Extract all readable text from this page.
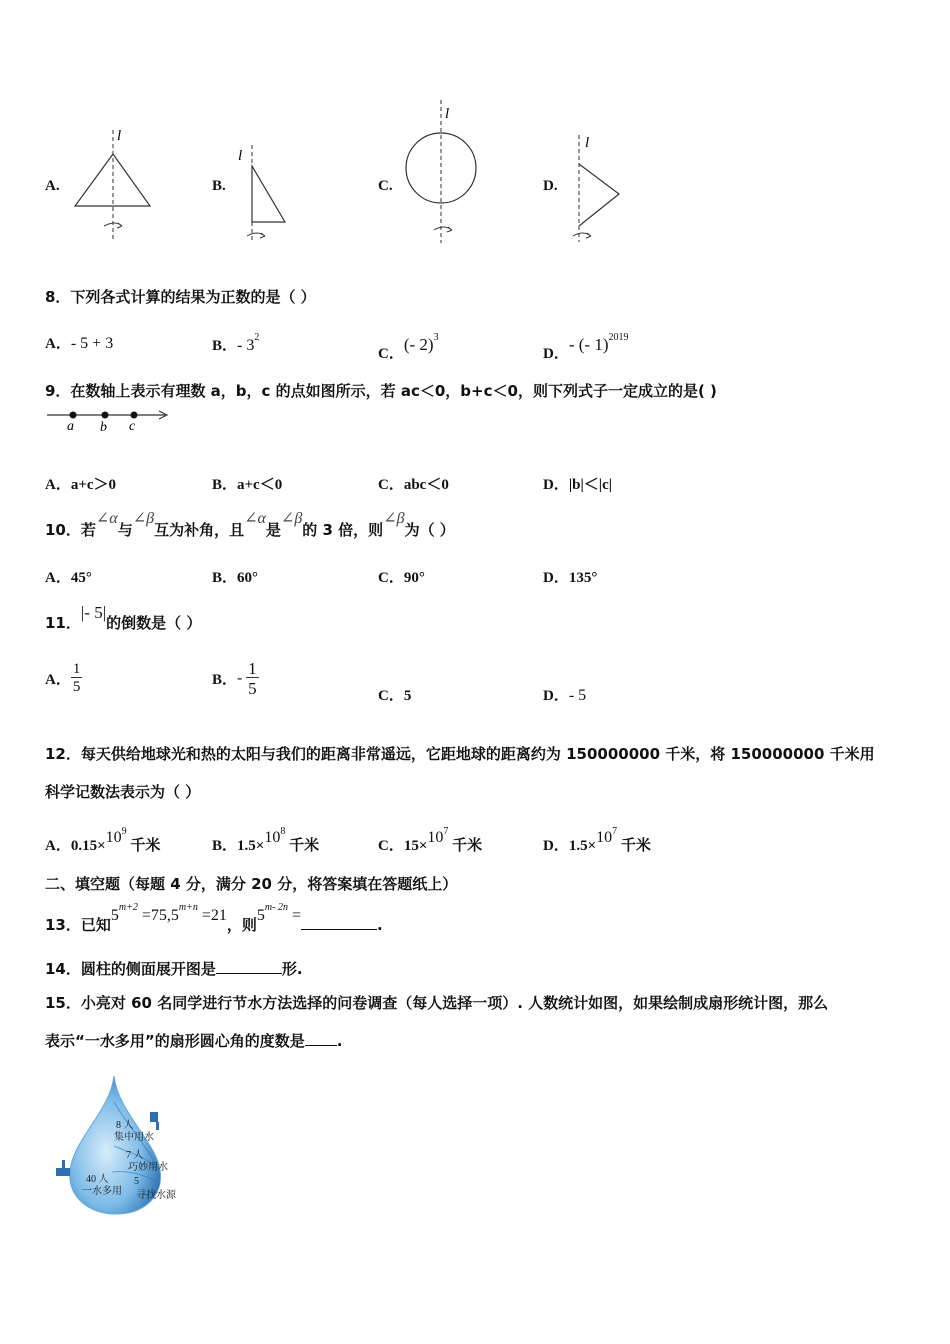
A.
l
B.
l
C.
l
D.
l
8．下列各式计算的结果为正数的是（ ）
A．- 5 + 3	B．- $3^2$
C．(- 2)$^3$
D．- (- 1)$^{2019}$
9．在数轴上表示有理数 a，b，c 的点如图所示，若 ac＜0，b+c＜0，则下列式子一定成立的是( )
a b c
A．a+c＞0	B．a+c＜0	C．abc＜0	D．|b|＜|c|
10．若∠α与∠β互为补角，且∠α是∠β的 3 倍，则∠β为（ ）
A．45°	B．60°	C．90°	D．135°
11．|- 5|的倒数是（ ）
A． $\frac{1}{5}$	B．- $\frac{1}{5}$	C．5	D．- 5
12．每天供给地球光和热的太阳与我们的距离非常遥远，它距地球的距离约为 150000000 千米，将 150000000 千米用
科学记数法表示为（ ）
A．$0.15\times 10^9$ 千米	B．$1.5\times 10^8$ 千米	C．$15\times 10^7$ 千米	D．$1.5\times 10^7$ 千米
二、填空题（每题 4 分，满分 20 分，将答案填在答题纸上）
13．已知$5^{m+2} =75,5^{m+n} =21$，则$5^{m- 2n}$ =.
14．圆柱的侧面展开图是	形.
15．小亮对 60 名同学进行节水方法选择的问卷调查（每人选择一项）. 人数统计如图，如果绘制成扇形统计图，那么
表示“一水多用”的扇形圆心角的度数是 .
8 人
集中用水
7 人
巧妙用水
40 人
一水多用
5
寻找水源
